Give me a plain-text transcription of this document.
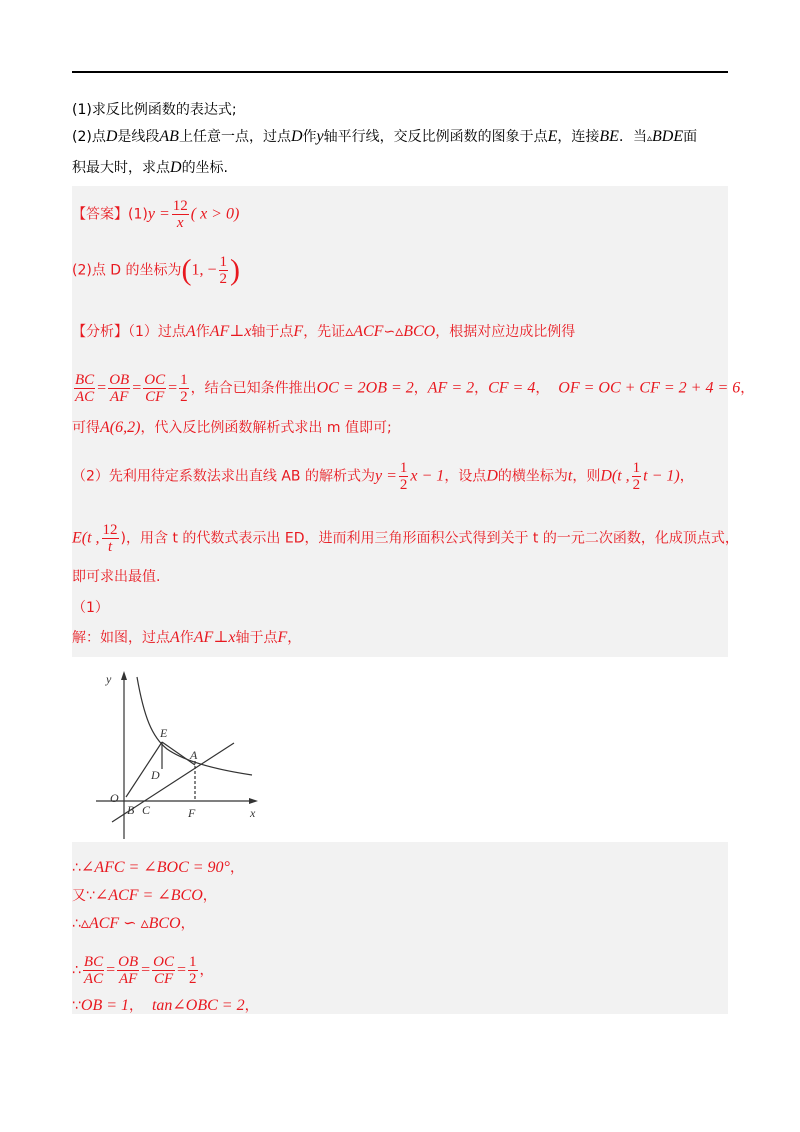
(1)求反比例函数的表达式;
(2)点D是线段AB上任意一点，过点D作y轴平行线，交反比例函数的图象于点E，连接BE．当▵BDE面
积最大时，求点D的坐标.
【答案】$(1)y = \frac{12}{x}$ ( x > 0)
(2)点 D 的坐标为(1, − $\frac{1}{2}$ )
【分析】（1）过点A作AF⊥x轴于点F，先证▵ACF∽▵BCO，根据对应边成比例得
$\frac{BC}{AC} = \frac{OB}{AF} = \frac{OC}{CF} = \frac{1}{2}$ ，结合已知条件推出OC = 2OB = 2，AF = 2，CF = 4，  OF = OC + CF = 2 + 4 = 6，
可得A(6,2)，代入反比例函数解析式求出 m 值即可;
（2）先利用待定系数法求出直线 AB 的解析式为$y = \frac{1}{2}$ x − 1，设点D的横坐标为t，则D(t , $\frac{1}{2}$ t − 1)，
E(t , $\frac{12}{t}$ )，用含 t 的代数式表示出 ED，进而利用三角形面积公式得到关于 t 的一元二次函数，化成顶点式，
即可求出最值.
（1）
解：如图，过点A作AF⊥x轴于点F，
y
x
E
A
D
O
C	F
B
∴∠AFC = ∠BOC = 90°，
又∵∠ACF = ∠BCO，
∴▵ACF ∽ ▵BCO，
∴ $\frac{BC}{AC} = \frac{OB}{AF} = \frac{OC}{CF} = \frac{1}{2}$ ，
∵OB = 1，  tan∠OBC = 2，
